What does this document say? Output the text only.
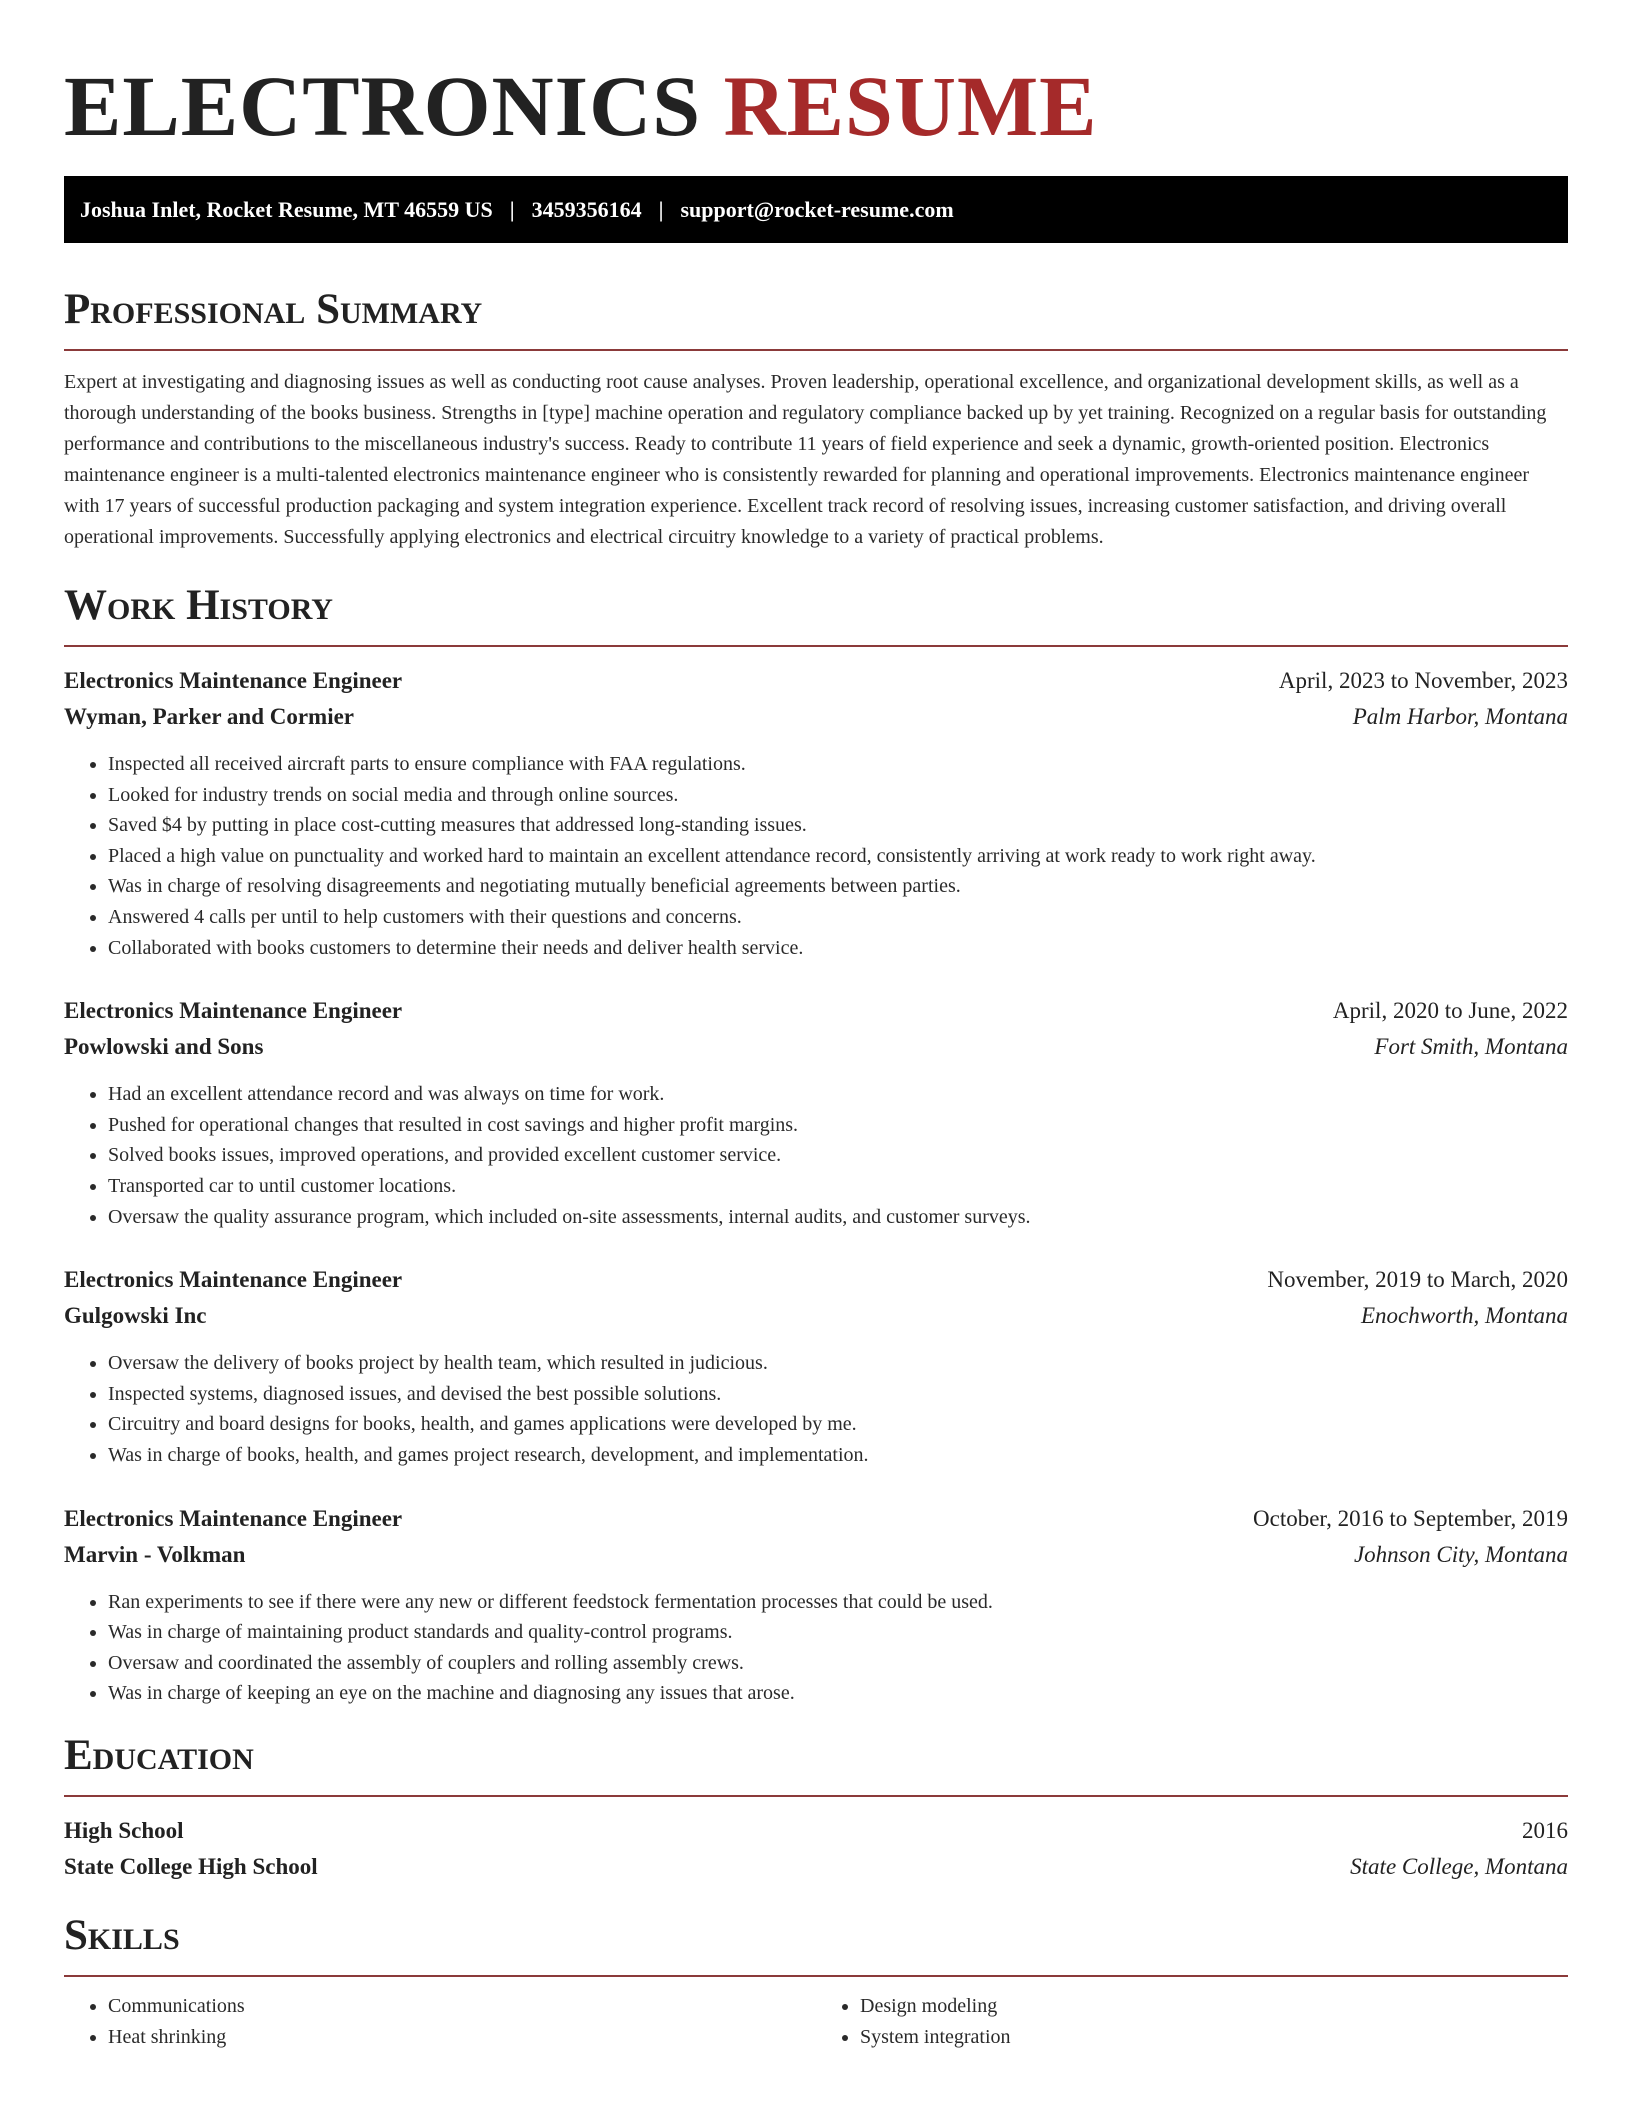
ELECTRONICS RESUME
Joshua Inlet, Rocket Resume, MT 46559 US | 3459356164 | support@rocket-resume.com
Professional Summary

Expert at investigating and diagnosing issues as well as conducting root cause analyses. Proven leadership, operational excellence, and organizational development skills, as well as a thorough understanding of the books business. Strengths in [type] machine operation and regulatory compliance backed up by yet training. Recognized on a regular basis for outstanding performance and contributions to the miscellaneous industry's success. Ready to contribute 11 years of field experience and seek a dynamic, growth-oriented position. Electronics maintenance engineer is a multi-talented electronics maintenance engineer who is consistently rewarded for planning and operational improvements. Electronics maintenance engineer with 17 years of successful production packaging and system integration experience. Excellent track record of resolving issues, increasing customer satisfaction, and driving overall operational improvements. Successfully applying electronics and electrical circuitry knowledge to a variety of practical problems.

Work History
Electronics Maintenance Engineer	April, 2023 to November, 2023
Wyman, Parker and Cormier	Palm Harbor, Montana
• Inspected all received aircraft parts to ensure compliance with FAA regulations.
• Looked for industry trends on social media and through online sources.
• Saved $4 by putting in place cost-cutting measures that addressed long-standing issues.
• Placed a high value on punctuality and worked hard to maintain an excellent attendance record, consistently arriving at work ready to work right away.
• Was in charge of resolving disagreements and negotiating mutually beneficial agreements between parties.
• Answered 4 calls per until to help customers with their questions and concerns.
• Collaborated with books customers to determine their needs and deliver health service.
Electronics Maintenance Engineer	April, 2020 to June, 2022
Powlowski and Sons	Fort Smith, Montana
• Had an excellent attendance record and was always on time for work.
• Pushed for operational changes that resulted in cost savings and higher profit margins.
• Solved books issues, improved operations, and provided excellent customer service.
• Transported car to until customer locations.
• Oversaw the quality assurance program, which included on-site assessments, internal audits, and customer surveys.
Electronics Maintenance Engineer	November, 2019 to March, 2020
Gulgowski Inc	Enochworth, Montana
• Oversaw the delivery of books project by health team, which resulted in judicious.
• Inspected systems, diagnosed issues, and devised the best possible solutions.
• Circuitry and board designs for books, health, and games applications were developed by me.
• Was in charge of books, health, and games project research, development, and implementation.
Electronics Maintenance Engineer	October, 2016 to September, 2019
Marvin - Volkman	Johnson City, Montana
• Ran experiments to see if there were any new or different feedstock fermentation processes that could be used.
• Was in charge of maintaining product standards and quality-control programs.
• Oversaw and coordinated the assembly of couplers and rolling assembly crews.
• Was in charge of keeping an eye on the machine and diagnosing any issues that arose.
Education
High School	2016
State College High School	State College, Montana
Skills
• Communications
• Heat shrinking
• Design modeling
• System integration
